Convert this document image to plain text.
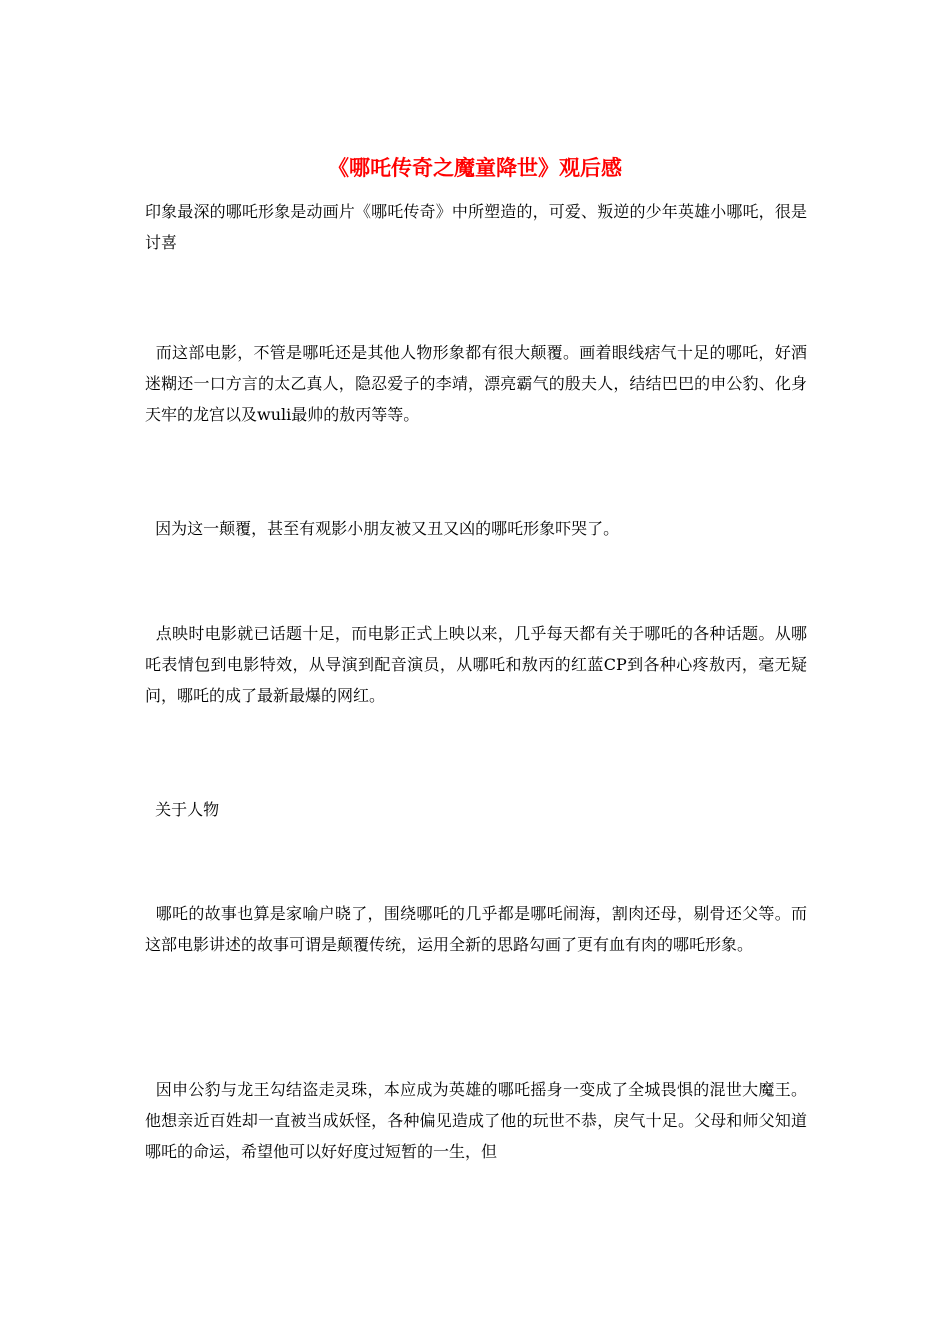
《哪吒传奇之魔童降世》观后感

印象最深的哪吒形象是动画片《哪吒传奇》中所塑造的，可爱、叛逆的少年英雄小哪吒，很是讨喜

而这部电影，不管是哪吒还是其他人物形象都有很大颠覆。画着眼线痞气十足的哪吒，好酒迷糊还一口方言的太乙真人，隐忍爱子的李靖，漂亮霸气的殷夫人，结结巴巴的申公豹、化身天牢的龙宫以及wuli最帅的敖丙等等。

因为这一颠覆，甚至有观影小朋友被又丑又凶的哪吒形象吓哭了。

点映时电影就已话题十足，而电影正式上映以来，几乎每天都有关于哪吒的各种话题。从哪吒表情包到电影特效，从导演到配音演员，从哪吒和敖丙的红蓝CP到各种心疼敖丙，毫无疑问，哪吒的成了最新最爆的网红。

关于人物

哪吒的故事也算是家喻户晓了，围绕哪吒的几乎都是哪吒闹海，割肉还母，剔骨还父等。而这部电影讲述的故事可谓是颠覆传统，运用全新的思路勾画了更有血有肉的哪吒形象。

因申公豹与龙王勾结盗走灵珠，本应成为英雄的哪吒摇身一变成了全城畏惧的混世大魔王。他想亲近百姓却一直被当成妖怪，各种偏见造成了他的玩世不恭，戾气十足。父母和师父知道哪吒的命运，希望他可以好好度过短暂的一生，但
